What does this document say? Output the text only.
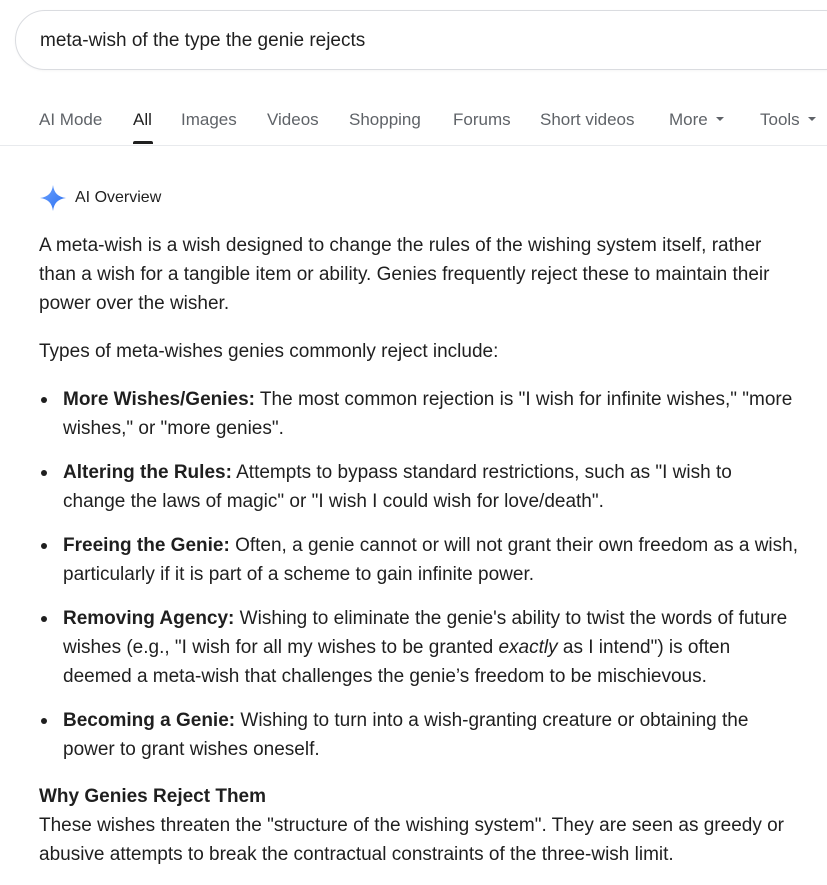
meta-wish of the type the genie rejects
AI Mode All Images Videos Shopping Forums Short videos More	Tools
AI Overview

A meta-wish is a wish designed to change the rules of the wishing system itself, rather than a wish for a tangible item or ability. Genies frequently reject these to maintain their power over the wisher.

Types of meta-wishes genies commonly reject include:

More Wishes/Genies: The most common rejection is "I wish for infinite wishes," "more wishes," or "more genies".
Altering the Rules: Attempts to bypass standard restrictions, such as "I wish to change the laws of magic" or "I wish I could wish for love/death".
Freeing the Genie: Often, a genie cannot or will not grant their own freedom as a wish, particularly if it is part of a scheme to gain infinite power.
Removing Agency: Wishing to eliminate the genie's ability to twist the words of future wishes (e.g., "I wish for all my wishes to be granted exactly as I intend") is often deemed a meta-wish that challenges the genie’s freedom to be mischievous.
Becoming a Genie: Wishing to turn into a wish-granting creature or obtaining the power to grant wishes oneself.

Why Genies Reject Them

These wishes threaten the "structure of the wishing system". They are seen as greedy or abusive attempts to break the contractual constraints of the three-wish limit.
